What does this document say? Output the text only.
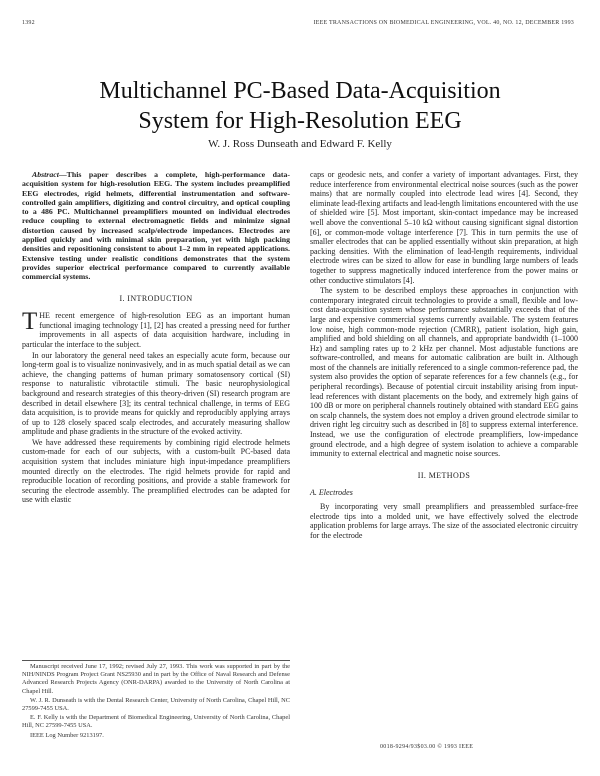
1392	IEEE TRANSACTIONS ON BIOMEDICAL ENGINEERING, VOL. 40, NO. 12, DECEMBER 1993
Multichannel PC-Based Data-Acquisition
System for High-Resolution EEG
W. J. Ross Dunseath and Edward F. Kelly

Abstract—This paper describes a complete, high-performance data-acquisition system for high-resolution EEG. The system includes preamplified EEG electrodes, rigid helmets, differential instrumentation and software-controlled gain amplifiers, digitizing and control circuitry, and optical coupling to a 486 PC. Multichannel preamplifiers mounted on individual electrodes reduce coupling to external electromagnetic fields and minimize signal distortion caused by increased scalp/electrode impedances. Electrodes are applied quickly and with minimal skin preparation, yet with high packing densities and repositioning consistent to about 1–2 mm in repeated applications. Extensive testing under realistic conditions demonstrates that the system provides superior electrical performance compared to currently available commercial systems.

I. INTRODUCTION

THE recent emergence of high-resolution EEG as an important human functional imaging technology [1], [2] has created a pressing need for further improvements in all aspects of data acquisition hardware, including in particular the interface to the subject.

In our laboratory the general need takes an especially acute form, because our long-term goal is to visualize noninvasively, and in as much spatial detail as we can achieve, the changing patterns of human primary somatosensory cortical (SI) response to naturalistic vibrotactile stimuli. The basic neurophysiological background and research strategies of this theory-driven (SI) research program are described in detail elsewhere [3]; its central technical challenge, in terms of EEG data acquisition, is to provide means for quickly and reproducibly applying arrays of up to 128 closely spaced scalp electrodes, and accurately measuring shallow amplitude and phase gradients in the structure of the evoked activity.

We have addressed these requirements by combining rigid electrode helmets custom-made for each of our subjects, with a custom-built PC-based data acquisition system that includes miniature high input-impedance preamplifiers mounted directly on the electrodes. The rigid helmets provide for rapid and reproducible location of recording positions, and provide a stable framework for securing the electrode assembly. The preamplified electrodes can be adapted for use with elastic

Manuscript received June 17, 1992; revised July 27, 1993. This work was supported in part by the NIH/NINDS Program Project Grant NS25930 and in part by the Office of Naval Research and Defense Advanced Research Projects Agency (ONR-DARPA) awarded to the University of North Carolina at Chapel Hill.

W. J. R. Dunseath is with the Dental Research Center, University of North Carolina, Chapel Hill, NC 27599-7455 USA.

E. F. Kelly is with the Department of Biomedical Engineering, University of North Carolina, Chapel Hill, NC 27599-7455 USA.

IEEE Log Number 9213197.

caps or geodesic nets, and confer a variety of important advantages. First, they reduce interference from environmental electrical noise sources (such as the power mains) that are normally coupled into electrode lead wires [4]. Second, they eliminate lead-flexing artifacts and lead-length limitations encountered with the use of shielded wire [5]. Most important, skin-contact impedance may be increased well above the conventional 5–10 kΩ without causing significant signal distortion [6], or common-mode voltage interference [7]. This in turn permits the use of smaller electrodes that can be applied essentially without skin preparation, at high packing densities. With the elimination of lead-length requirements, individual electrode wires can be sized to allow for ease in bundling large numbers of leads together to suppress magnetically induced interference from the power mains or other conductive stimulators [4].

The system to be described employs these approaches in conjunction with contemporary integrated circuit technologies to provide a small, flexible and low-cost data-acquisition system whose performance substantially exceeds that of the large and expensive commercial systems currently available. The system features low noise, high common-mode rejection (CMRR), patient isolation, high gain, amplified and bold shielding on all channels, and appropriate bandwidth (1–1000 Hz) and sampling rates up to 2 kHz per channel. Most adjustable functions are software-controlled, and means for automatic calibration are built in. Although most of the channels are initially referenced to a single common-reference pad, the system also provides the option of separate references for a few channels (e.g., for peripheral recordings). Because of potential circuit instability arising from input-lead references with distant placements on the body, and extremely high gains of 100 dB or more on peripheral channels routinely obtained with standard EEG gains on scalp channels, the system does not employ a driven ground electrode similar to driven right leg circuitry such as described in [8] to suppress external interference. Instead, we use the configuration of electrode preamplifiers, low-impedance ground electrode, and a high degree of system isolation to achieve a comparable immunity to external electrical and magnetic noise sources.

II. METHODS
A. Electrodes

By incorporating very small preamplifiers and preassembled surface-free electrode tips into a molded unit, we have effectively solved the electrode application problems for large arrays. The size of the associated electronic circuitry for the electrode

0018-9294/93$03.00 © 1993 IEEE
